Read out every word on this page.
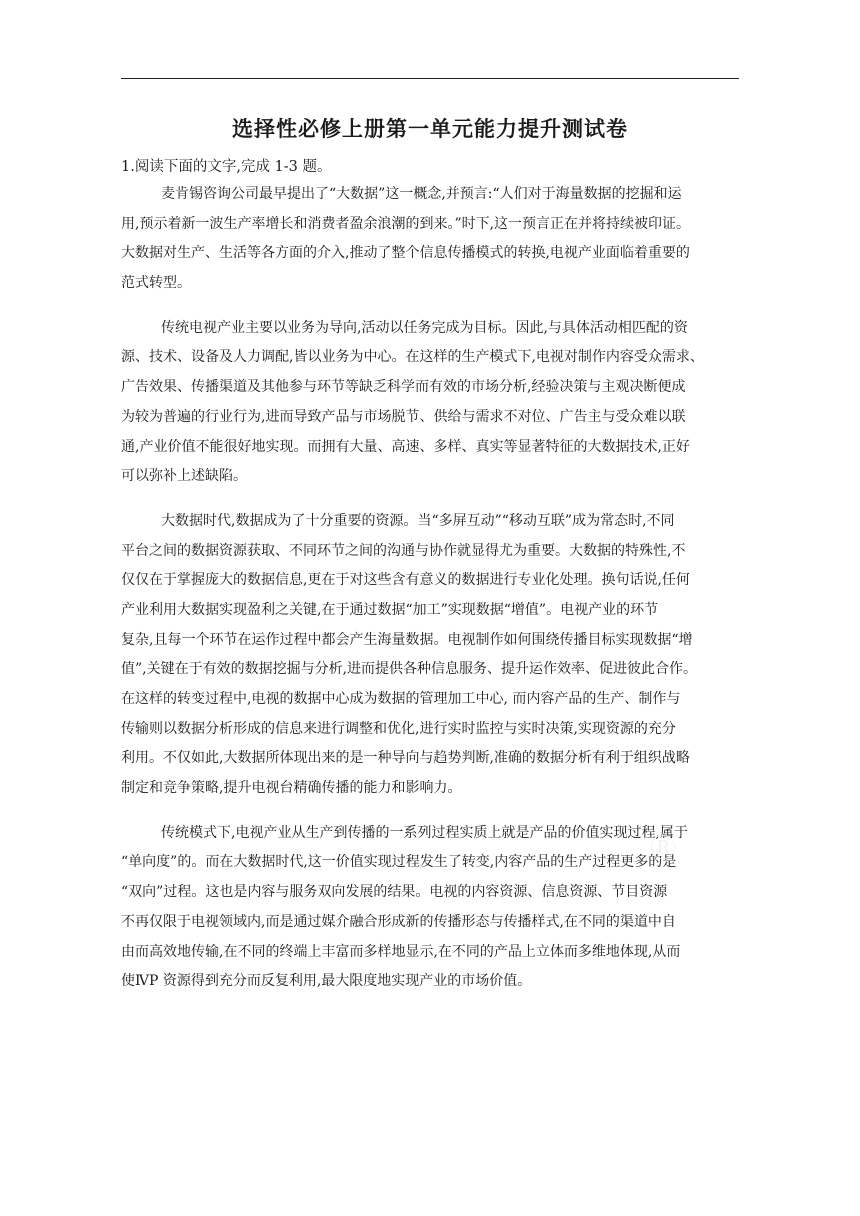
选择性必修上册第一单元能力提升测试卷

1.阅读下面的文字,完成 1-3 题。

麦肯锡咨询公司最早提出了“大数据”这一概念,并预言:“人们对于海量数据的挖掘和运
用,预示着新一波生产率增长和消费者盈余浪潮的到来。”时下,这一预言正在并将持续被印证。
大数据对生产、生活等各方面的介入,推动了整个信息传播模式的转换,电视产业面临着重要的
范式转型。
传统电视产业主要以业务为导向,活动以任务完成为目标。因此,与具体活动相匹配的资
源、技术、设备及人力调配,皆以业务为中心。在这样的生产模式下,电视对制作内容受众需求、
广告效果、传播渠道及其他参与环节等缺乏科学而有效的市场分析,经验决策与主观决断便成
为较为普遍的行业行为,进而导致产品与市场脱节、供给与需求不对位、广告主与受众难以联
通,产业价值不能很好地实现。而拥有大量、高速、多样、真实等显著特征的大数据技术,正好
可以弥补上述缺陷。
大数据时代,数据成为了十分重要的资源。当“多屏互动”“移动互联”成为常态时,不同
平台之间的数据资源获取、不同环节之间的沟通与协作就显得尤为重要。大数据的特殊性,不
仅仅在于掌握庞大的数据信息,更在于对这些含有意义的数据进行专业化处理。换句话说,任何
产业利用大数据实现盈利之关键,在于通过数据“加工”实现数据“增值”。电视产业的环节
复杂,且每一个环节在运作过程中都会产生海量数据。电视制作如何围绕传播目标实现数据“增
值”,关键在于有效的数据挖掘与分析,进而提供各种信息服务、提升运作效率、促进彼此合作。
在这样的转变过程中,电视的数据中心成为数据的管理加工中心, 而内容产品的生产、制作与
传输则以数据分析形成的信息来进行调整和优化,进行实时监控与实时决策,实现资源的充分
利用。不仅如此,大数据所体现出来的是一种导向与趋势判断,准确的数据分析有利于组织战略
制定和竞争策略,提升电视台精确传播的能力和影响力。
传统模式下,电视产业从生产到传播的一系列过程实质上就是产品的价值实现过程,属于
“单向度”的。而在大数据时代,这一价值实现过程发生了转变,内容产品的生产过程更多的是
“双向”过程。这也是内容与服务双向发展的结果。电视的内容资源、信息资源、节目资源
不再仅限于电视领域内,而是通过媒介融合形成新的传播形态与传播样式,在不同的渠道中自
由而高效地传输,在不同的终端上丰富而多样地显示,在不同的产品上立体而多维地体现,从而
使ⅣP 资源得到充分而反复利用,最大限度地实现产业的市场价值。
Ⓡ
